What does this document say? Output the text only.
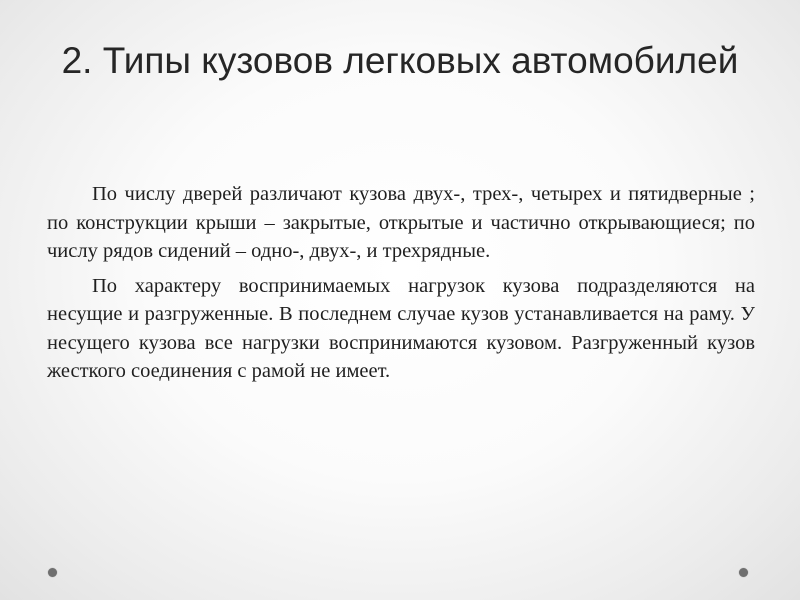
2. Типы кузовов легковых автомобилей

По числу дверей различают кузова двух-, трех-, четырех и пятидверные ; по конструкции крыши – закрытые, открытые и частично открывающиеся; по числу рядов сидений – одно-, двух-, и трехрядные.

По характеру воспринимаемых нагрузок кузова подразделяются на несущие и разгруженные. В последнем случае кузов устанавливается на раму. У несущего кузова все нагрузки воспринимаются кузовом. Разгруженный кузов жесткого соединения с рамой не имеет.
